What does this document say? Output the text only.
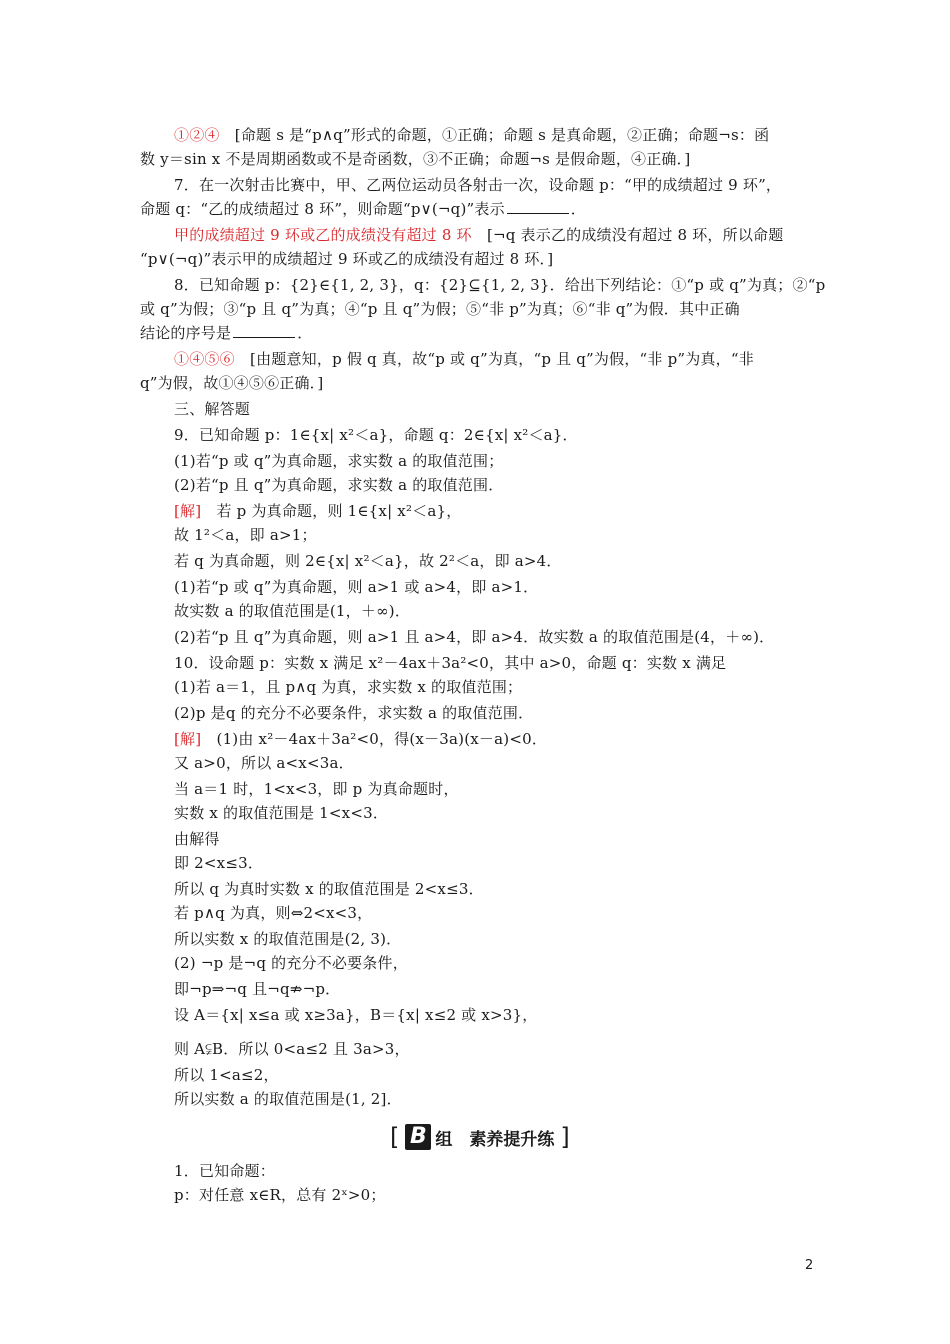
①②④　[命题 s 是“p∧q”形式的命题，①正确；命题 s 是真命题，②正确；命题¬s：函
数 y＝sin x 不是周期函数或不是奇函数，③不正确；命题¬s 是假命题，④正确．]
7．在一次射击比赛中，甲、乙两位运动员各射击一次，设命题 p：“甲的成绩超过 9 环”，
命题 q：“乙的成绩超过 8 环”，则命题“p∨(¬q)”表示	．
甲的成绩超过 9 环或乙的成绩没有超过 8 环　[¬q 表示乙的成绩没有超过 8 环，所以命题
“p∨(¬q)”表示甲的成绩超过 9 环或乙的成绩没有超过 8 环．]
8．已知命题 p：{2}∈{1, 2, 3}，q：{2}⊆{1, 2, 3}．给出下列结论：①“p 或 q”为真；②“p
或 q”为假；③“p 且 q”为真；④“p 且 q”为假；⑤“非 p”为真；⑥“非 q”为假．其中正确
结论的序号是	．
①④⑤⑥　[由题意知，p 假 q 真，故“p 或 q”为真，“p 且 q”为假，“非 p”为真，“非
q”为假，故①④⑤⑥正确．]
三、解答题
9．已知命题 p：1∈{x| x²＜a}，命题 q：2∈{x| x²＜a}．
(1)若“p 或 q”为真命题，求实数 a 的取值范围；
(2)若“p 且 q”为真命题，求实数 a 的取值范围．
[解]　若 p 为真命题，则 1∈{x| x²＜a}，
故 1²＜a，即 a>1；
若 q 为真命题，则 2∈{x| x²＜a}，故 2²＜a，即 a>4．
(1)若“p 或 q”为真命题，则 a>1 或 a>4，即 a>1．
故实数 a 的取值范围是(1，＋∞)．
(2)若“p 且 q”为真命题，则 a>1 且 a>4，即 a>4．故实数 a 的取值范围是(4，＋∞)．
10．设命题 p：实数 x 满足 x²－4ax＋3a²<0，其中 a>0，命题 q：实数 x 满足
(1)若 a＝1，且 p∧q 为真，求实数 x 的取值范围；
(2)p 是q 的充分不必要条件，求实数 a 的取值范围．
[解]　(1)由 x²－4ax＋3a²<0，得(x－3a)(x－a)<0．
又 a>0，所以 a<x<3a．
当 a＝1 时，1<x<3，即 p 为真命题时，
实数 x 的取值范围是 1<x<3．
由解得
即 2<x≤3．
所以 q 为真时实数 x 的取值范围是 2<x≤3．
若 p∧q 为真，则⇔2<x<3，
所以实数 x 的取值范围是(2, 3)．
(2) ¬p 是¬q 的充分不必要条件，
即¬p⇒¬q 且¬q⇏¬p．
设 A＝{x| x≤a 或 x≥3a}，B＝{x| x≤2 或 x>3}，
则 A⫋B．所以 0<a≤2 且 3a>3，
所以 1<a≤2，
所以实数 a 的取值范围是(1, 2]．
1．已知命题：
p：对任意 x∈R，总有 2ˣ>0；
[ B 组　素养提升练 ]
2
